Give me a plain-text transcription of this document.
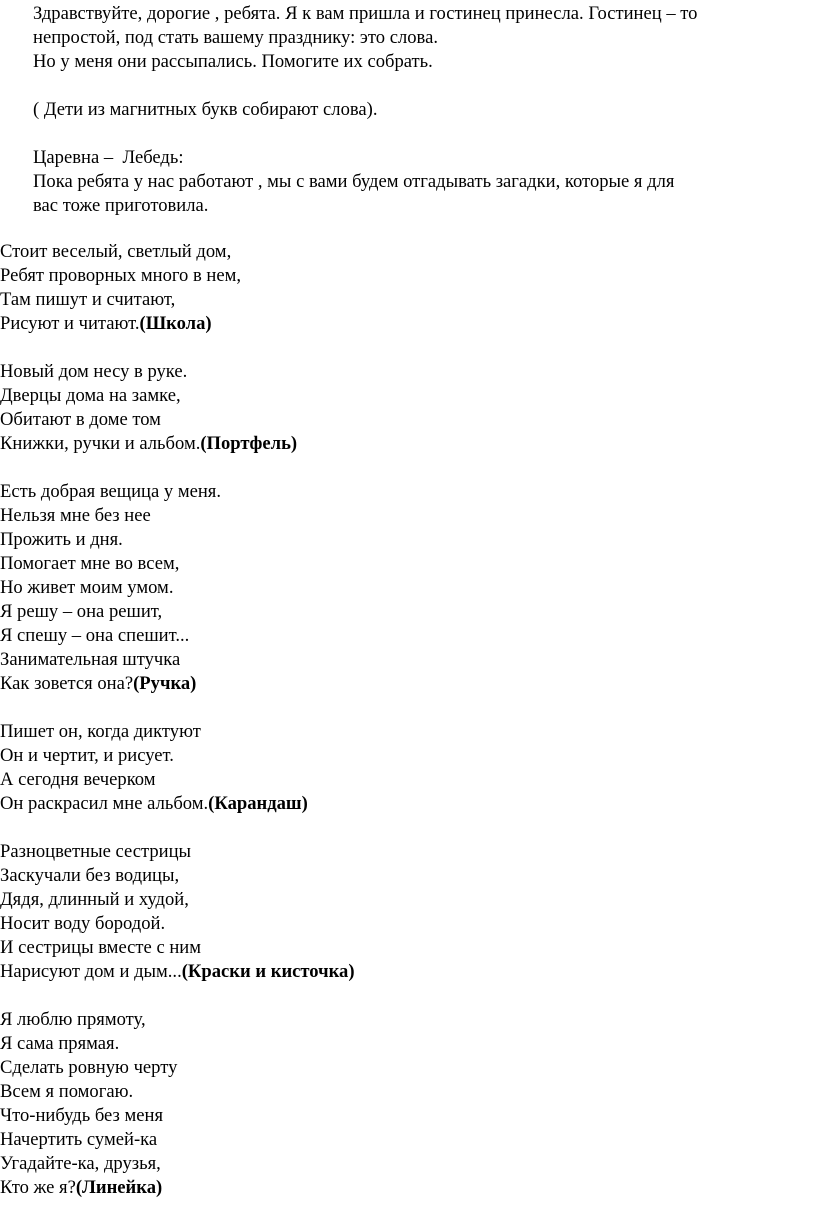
Здравствуйте, дорогие , ребята. Я к вам пришла и гостинец принесла. Гостинец – то
непростой, под стать вашему празднику: это слова.
Но у меня они рассыпались. Помогите их собрать.
( Дети из магнитных букв собирают слова).
Царевна –  Лебедь:
Пока ребята у нас работают , мы с вами будем отгадывать загадки, которые я для
вас тоже приготовила.
Стоит веселый, светлый дом,
Ребят проворных много в нем,
Там пишут и считают,
Рисуют и читают.(Школа)
Новый дом несу в руке.
Дверцы дома на замке,
Обитают в доме том
Книжки, ручки и альбом.(Портфель)
Есть добрая вещица у меня.
Нельзя мне без нее
Прожить и дня.
Помогает мне во всем,
Но живет моим умом.
Я решу – она решит,
Я спешу – она спешит...
Занимательная штучка
Как зовется она?(Ручка)
Пишет он, когда диктуют
Он и чертит, и рисует.
А сегодня вечерком
Он раскрасил мне альбом.(Карандаш)
Разноцветные сестрицы
Заскучали без водицы,
Дядя, длинный и худой,
Носит воду бородой.
И сестрицы вместе с ним
Нарисуют дом и дым...(Краски и кисточка)
Я люблю прямоту,
Я сама прямая.
Сделать ровную черту
Всем я помогаю.
Что-нибудь без меня
Начертить сумей-ка
Угадайте-ка, друзья,
Кто же я?(Линейка)
